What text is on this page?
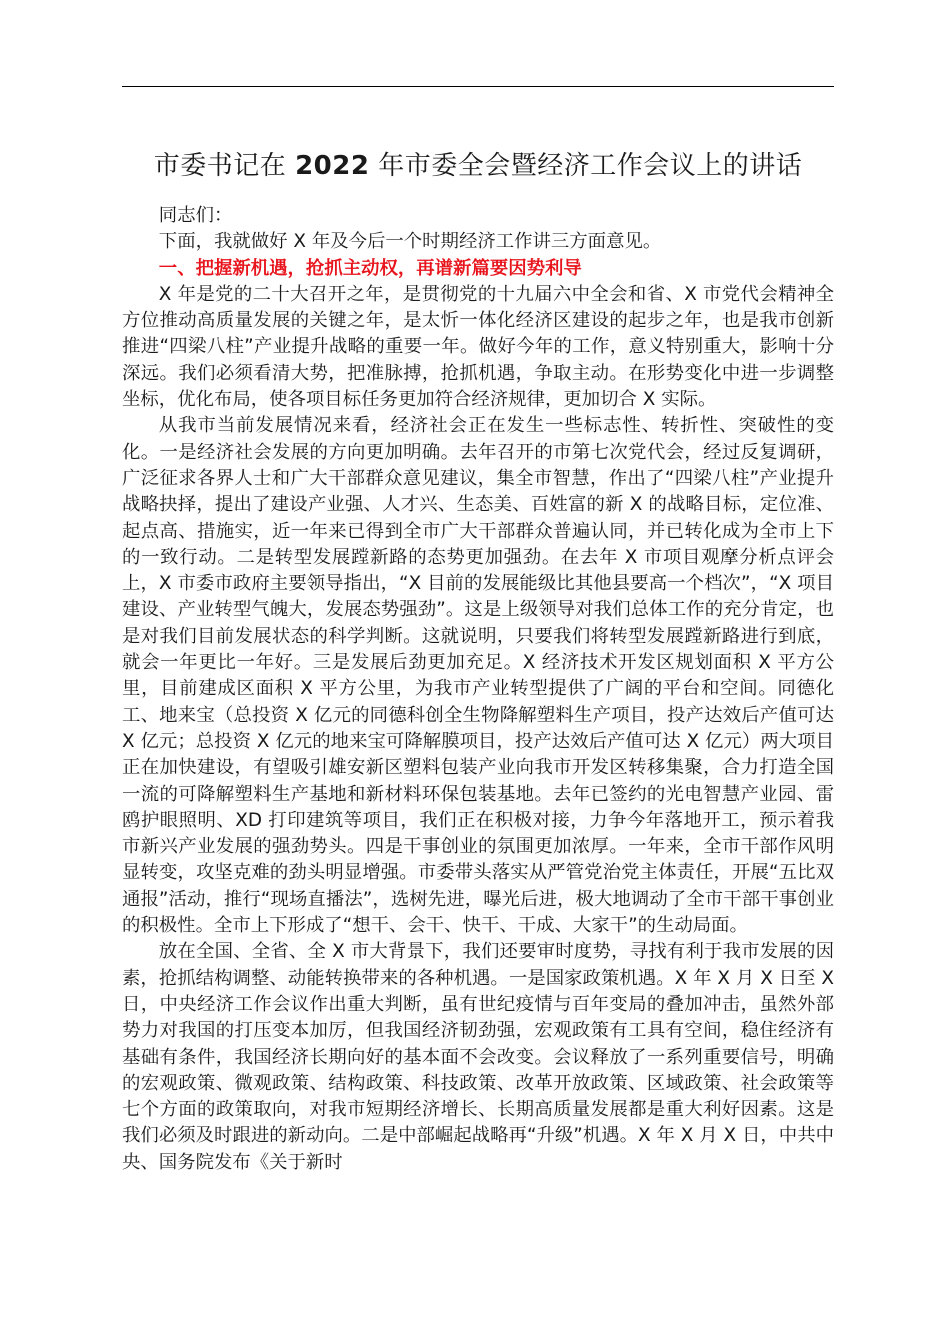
市委书记在 2022 年市委全会暨经济工作会议上的讲话

同志们：

下面，我就做好 X 年及今后一个时期经济工作讲三方面意见。

一、把握新机遇，抢抓主动权，再谱新篇要因势利导

X 年是党的二十大召开之年，是贯彻党的十九届六中全会和省、X 市党代会精神全方位推动高质量发展的关键之年，是太忻一体化经济区建设的起步之年，也是我市创新推进“四梁八柱”产业提升战略的重要一年。做好今年的工作，意义特别重大，影响十分深远。我们必须看清大势，把准脉搏，抢抓机遇，争取主动。在形势变化中进一步调整坐标，优化布局，使各项目标任务更加符合经济规律，更加切合 X 实际。

从我市当前发展情况来看，经济社会正在发生一些标志性、转折性、突破性的变化。一是经济社会发展的方向更加明确。去年召开的市第七次党代会，经过反复调研，广泛征求各界人士和广大干部群众意见建议，集全市智慧，作出了“四梁八柱”产业提升战略抉择，提出了建设产业强、人才兴、生态美、百姓富的新 X 的战略目标，定位准、起点高、措施实，近一年来已得到全市广大干部群众普遍认同，并已转化成为全市上下的一致行动。二是转型发展蹚新路的态势更加强劲。在去年 X 市项目观摩分析点评会上，X 市委市政府主要领导指出，“X 目前的发展能级比其他县要高一个档次”，“X 项目建设、产业转型气魄大，发展态势强劲”。这是上级领导对我们总体工作的充分肯定，也是对我们目前发展状态的科学判断。这就说明，只要我们将转型发展蹚新路进行到底，就会一年更比一年好。三是发展后劲更加充足。X 经济技术开发区规划面积 X 平方公里，目前建成区面积 X 平方公里，为我市产业转型提供了广阔的平台和空间。同德化工、地来宝（总投资 X 亿元的同德科创全生物降解塑料生产项目，投产达效后产值可达 X 亿元；总投资 X 亿元的地来宝可降解膜项目，投产达效后产值可达 X 亿元）两大项目正在加快建设，有望吸引雄安新区塑料包装产业向我市开发区转移集聚，合力打造全国一流的可降解塑料生产基地和新材料环保包装基地。去年已签约的光电智慧产业园、雷鸥护眼照明、XD 打印建筑等项目，我们正在积极对接，力争今年落地开工，预示着我市新兴产业发展的强劲势头。四是干事创业的氛围更加浓厚。一年来，全市干部作风明显转变，攻坚克难的劲头明显增强。市委带头落实从严管党治党主体责任，开展“五比双通报”活动，推行“现场直播法”，选树先进，曝光后进，极大地调动了全市干部干事创业的积极性。全市上下形成了“想干、会干、快干、干成、大家干”的生动局面。

放在全国、全省、全 X 市大背景下，我们还要审时度势，寻找有利于我市发展的因素，抢抓结构调整、动能转换带来的各种机遇。一是国家政策机遇。X 年 X 月 X 日至 X 日，中央经济工作会议作出重大判断，虽有世纪疫情与百年变局的叠加冲击，虽然外部势力对我国的打压变本加厉，但我国经济韧劲强，宏观政策有工具有空间，稳住经济有基础有条件，我国经济长期向好的基本面不会改变。会议释放了一系列重要信号，明确的宏观政策、微观政策、结构政策、科技政策、改革开放政策、区域政策、社会政策等七个方面的政策取向，对我市短期经济增长、长期高质量发展都是重大利好因素。这是我们必须及时跟进的新动向。二是中部崛起战略再“升级”机遇。X 年 X 月 X 日，中共中央、国务院发布《关于新时
